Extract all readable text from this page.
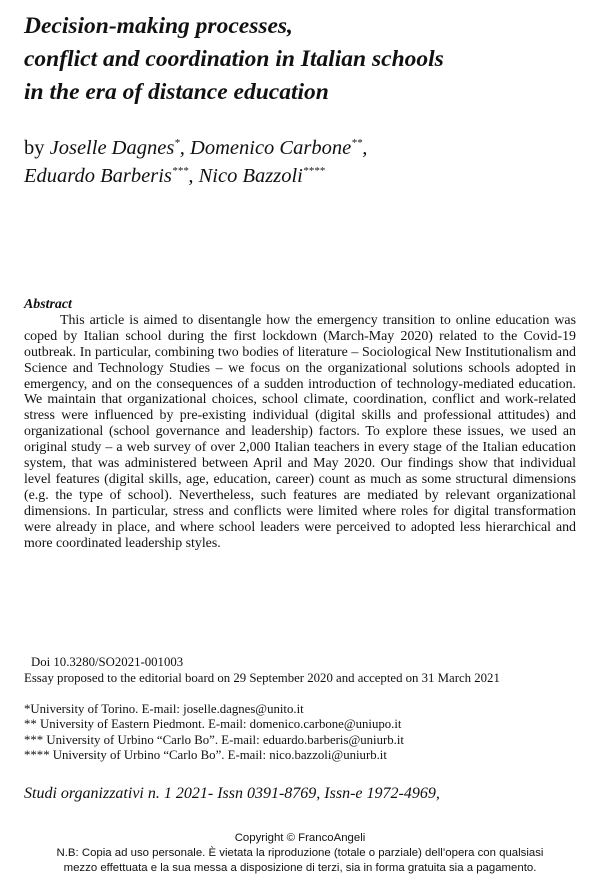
Decision-making processes,
conflict and coordination in Italian schools
in the era of distance education
by Joselle Dagnes*, Domenico Carbone**,
Eduardo Barberis***, Nico Bazzoli****
Abstract

This article is aimed to disentangle how the emergency transition to online education was coped by Italian school during the first lockdown (March-May 2020) related to the Covid-19 outbreak. In particular, combining two bodies of literature – Sociological New Institutionalism and Science and Technology Studies – we focus on the organizational solutions schools adopted in emergency, and on the consequences of a sudden introduction of technology-mediated education. We maintain that organizational choices, school climate, coordination, conflict and work-related stress were influenced by pre-existing individual (digital skills and professional attitudes) and organizational (school governance and leadership) factors. To explore these issues, we used an original study – a web survey of over 2,000 Italian teachers in every stage of the Italian education system, that was administered between April and May 2020. Our findings show that individual level features (digital skills, age, education, career) count as much as some structural dimensions (e.g. the type of school). Nevertheless, such features are mediated by relevant organizational dimensions. In particular, stress and conflicts were limited where roles for digital transformation were already in place, and where school leaders were perceived to adopted less hierarchical and more coordinated leadership styles.

Doi 10.3280/SO2021-001003
Essay proposed to the editorial board on 29 September 2020 and accepted on 31 March 2021
*University of Torino. E-mail: joselle.dagnes@unito.it
** University of Eastern Piedmont. E-mail: domenico.carbone@uniupo.it
*** University of Urbino “Carlo Bo”. E-mail: eduardo.barberis@uniurb.it
**** University of Urbino “Carlo Bo”. E-mail: nico.bazzoli@uniurb.it
Studi organizzativi n. 1 2021- Issn 0391-8769, Issn-e 1972-4969,
Copyright © FrancoAngeli
N.B: Copia ad uso personale. È vietata la riproduzione (totale o parziale) dell’opera con qualsiasi
mezzo effettuata e la sua messa a disposizione di terzi, sia in forma gratuita sia a pagamento.
